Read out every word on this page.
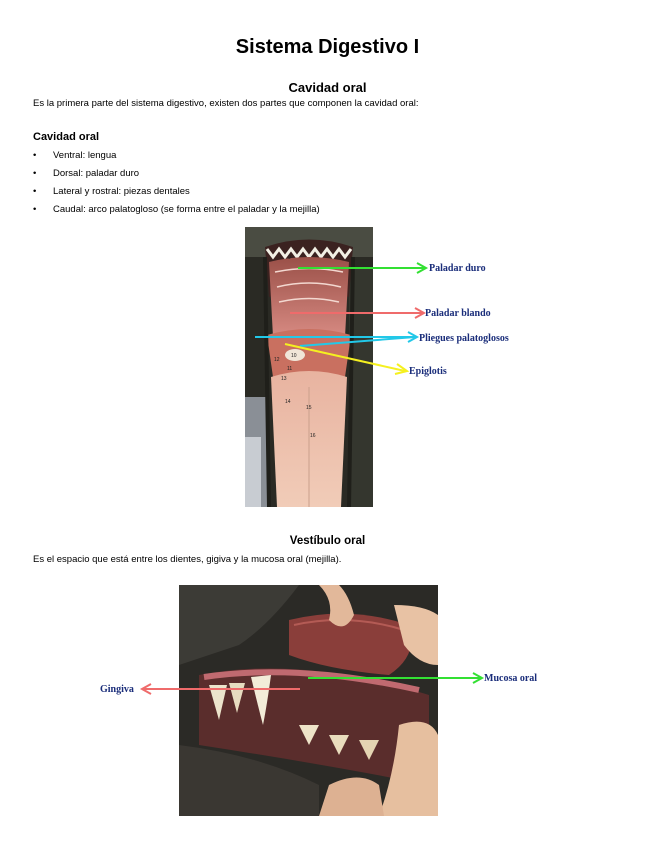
Sistema Digestivo I
Cavidad oral
Es la primera parte del sistema digestivo, existen dos partes que componen la cavidad oral:
Cavidad oral
• Ventral: lengua
• Dorsal: paladar duro
• Lateral y rostral: piezas dentales
• Caudal: arco palatogloso (se forma entre el paladar y la mejilla)
9
10
11
12
13
14
15
16
Paladar duro
Paladar blando
Pliegues palatoglosos
Epiglotis
Vestíbulo oral
Es el espacio que está entre los dientes, gigiva y la mucosa oral (mejilla).
Gingiva
Mucosa oral
